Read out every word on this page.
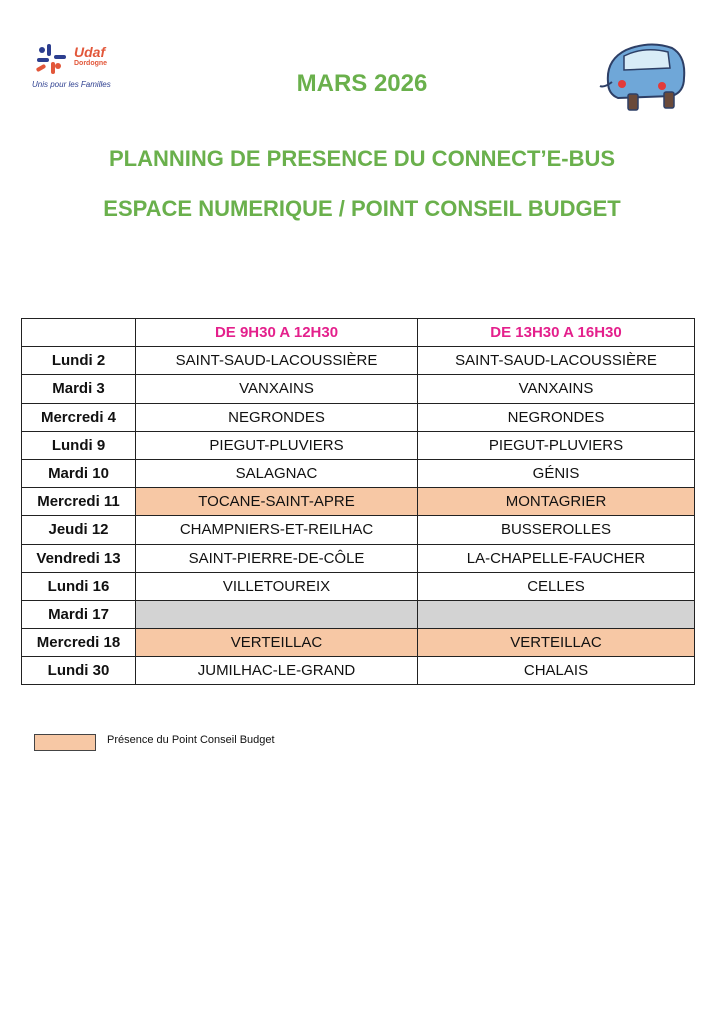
Udaf
Dordogne
Unis pour les Familles	MARS 2026
PLANNING DE PRESENCE DU CONNECT’E-BUS
ESPACE NUMERIQUE / POINT CONSEIL BUDGET
	DE 9H30 A 12H30	DE 13H30 A 16H30
Lundi 2	SAINT-SAUD-LACOUSSIÈRE	SAINT-SAUD-LACOUSSIÈRE
Mardi 3	VANXAINS	VANXAINS
Mercredi 4	NEGRONDES	NEGRONDES
Lundi 9	PIEGUT-PLUVIERS	PIEGUT-PLUVIERS
Mardi 10	SALAGNAC	GÉNIS
Mercredi 11	TOCANE-SAINT-APRE	MONTAGRIER
Jeudi 12	CHAMPNIERS-ET-REILHAC	BUSSEROLLES
Vendredi 13	SAINT-PIERRE-DE-CÔLE	LA-CHAPELLE-FAUCHER
Lundi 16	VILLETOUREIX	CELLES
Mardi 17		
Mercredi 18	VERTEILLAC	VERTEILLAC
Lundi 30	JUMILHAC-LE-GRAND	CHALAIS
Présence du Point Conseil Budget
